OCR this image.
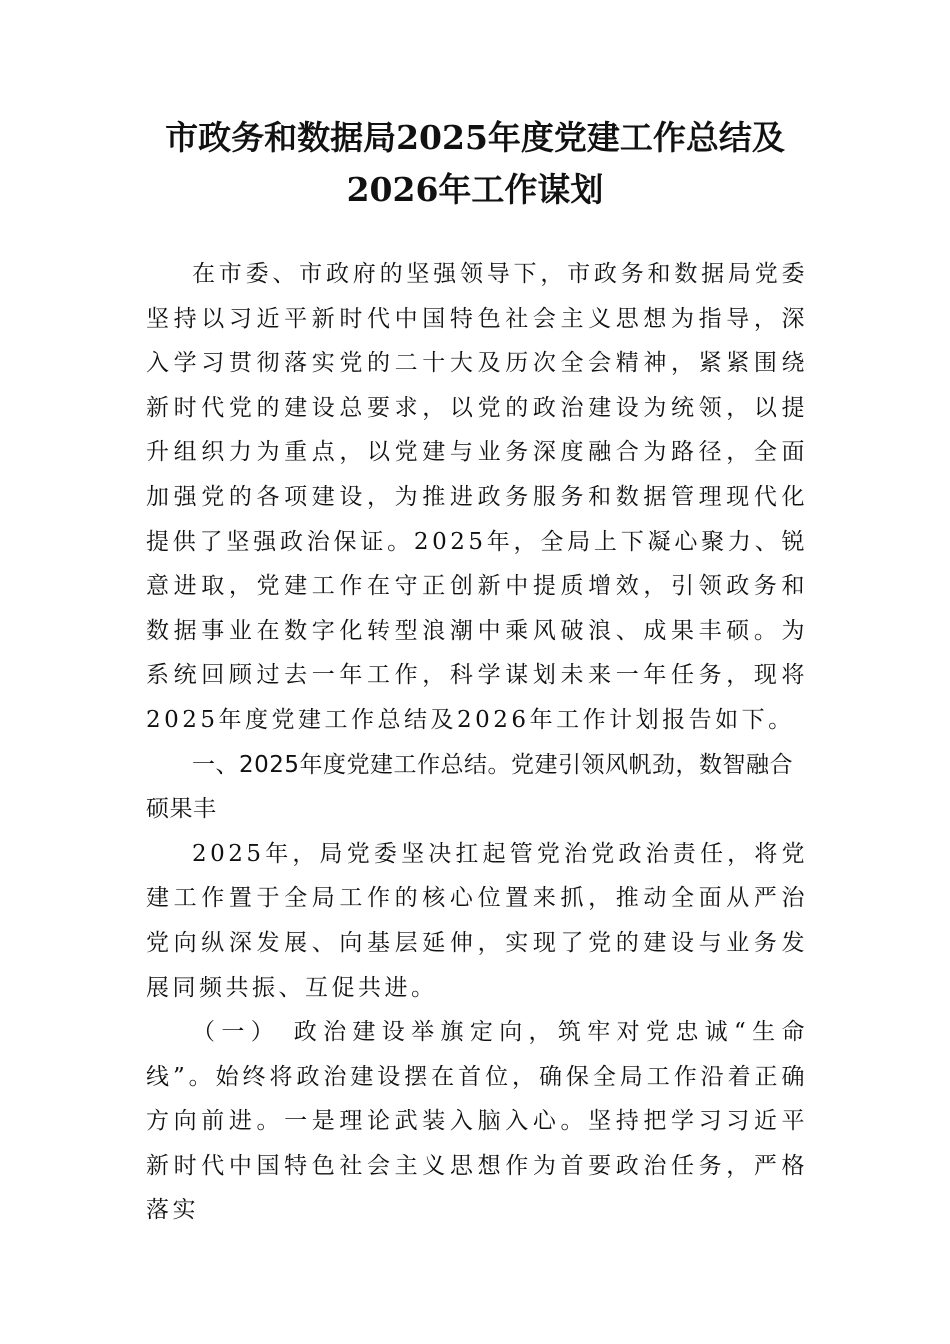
市政务和数据局2025年度党建工作总结及
2026年工作谋划

在市委、市政府的坚强领导下，市政务和数据局党委坚持以习近平新时代中国特色社会主义思想为指导，深入学习贯彻落实党的二十大及历次全会精神，紧紧围绕新时代党的建设总要求，以党的政治建设为统领，以提升组织力为重点，以党建与业务深度融合为路径，全面加强党的各项建设，为推进政务服务和数据管理现代化提供了坚强政治保证。2025年，全局上下凝心聚力、锐意进取，党建工作在守正创新中提质增效，引领政务和数据事业在数字化转型浪潮中乘风破浪、成果丰硕。为系统回顾过去一年工作，科学谋划未来一年任务，现将2025年度党建工作总结及2026年工作计划报告如下。

一、2025年度党建工作总结。党建引领风帆劲，数智融合硕果丰

2025年，局党委坚决扛起管党治党政治责任，将党建工作置于全局工作的核心位置来抓，推动全面从严治党向纵深发展、向基层延伸，实现了党的建设与业务发展同频共振、互促共进。

（一） 政治建设举旗定向，筑牢对党忠诚“生命线”。始终将政治建设摆在首位，确保全局工作沿着正确方向前进。一是理论武装入脑入心。坚持把学习习近平新时代中国特色社会主义思想作为首要政治任务，严格落实
